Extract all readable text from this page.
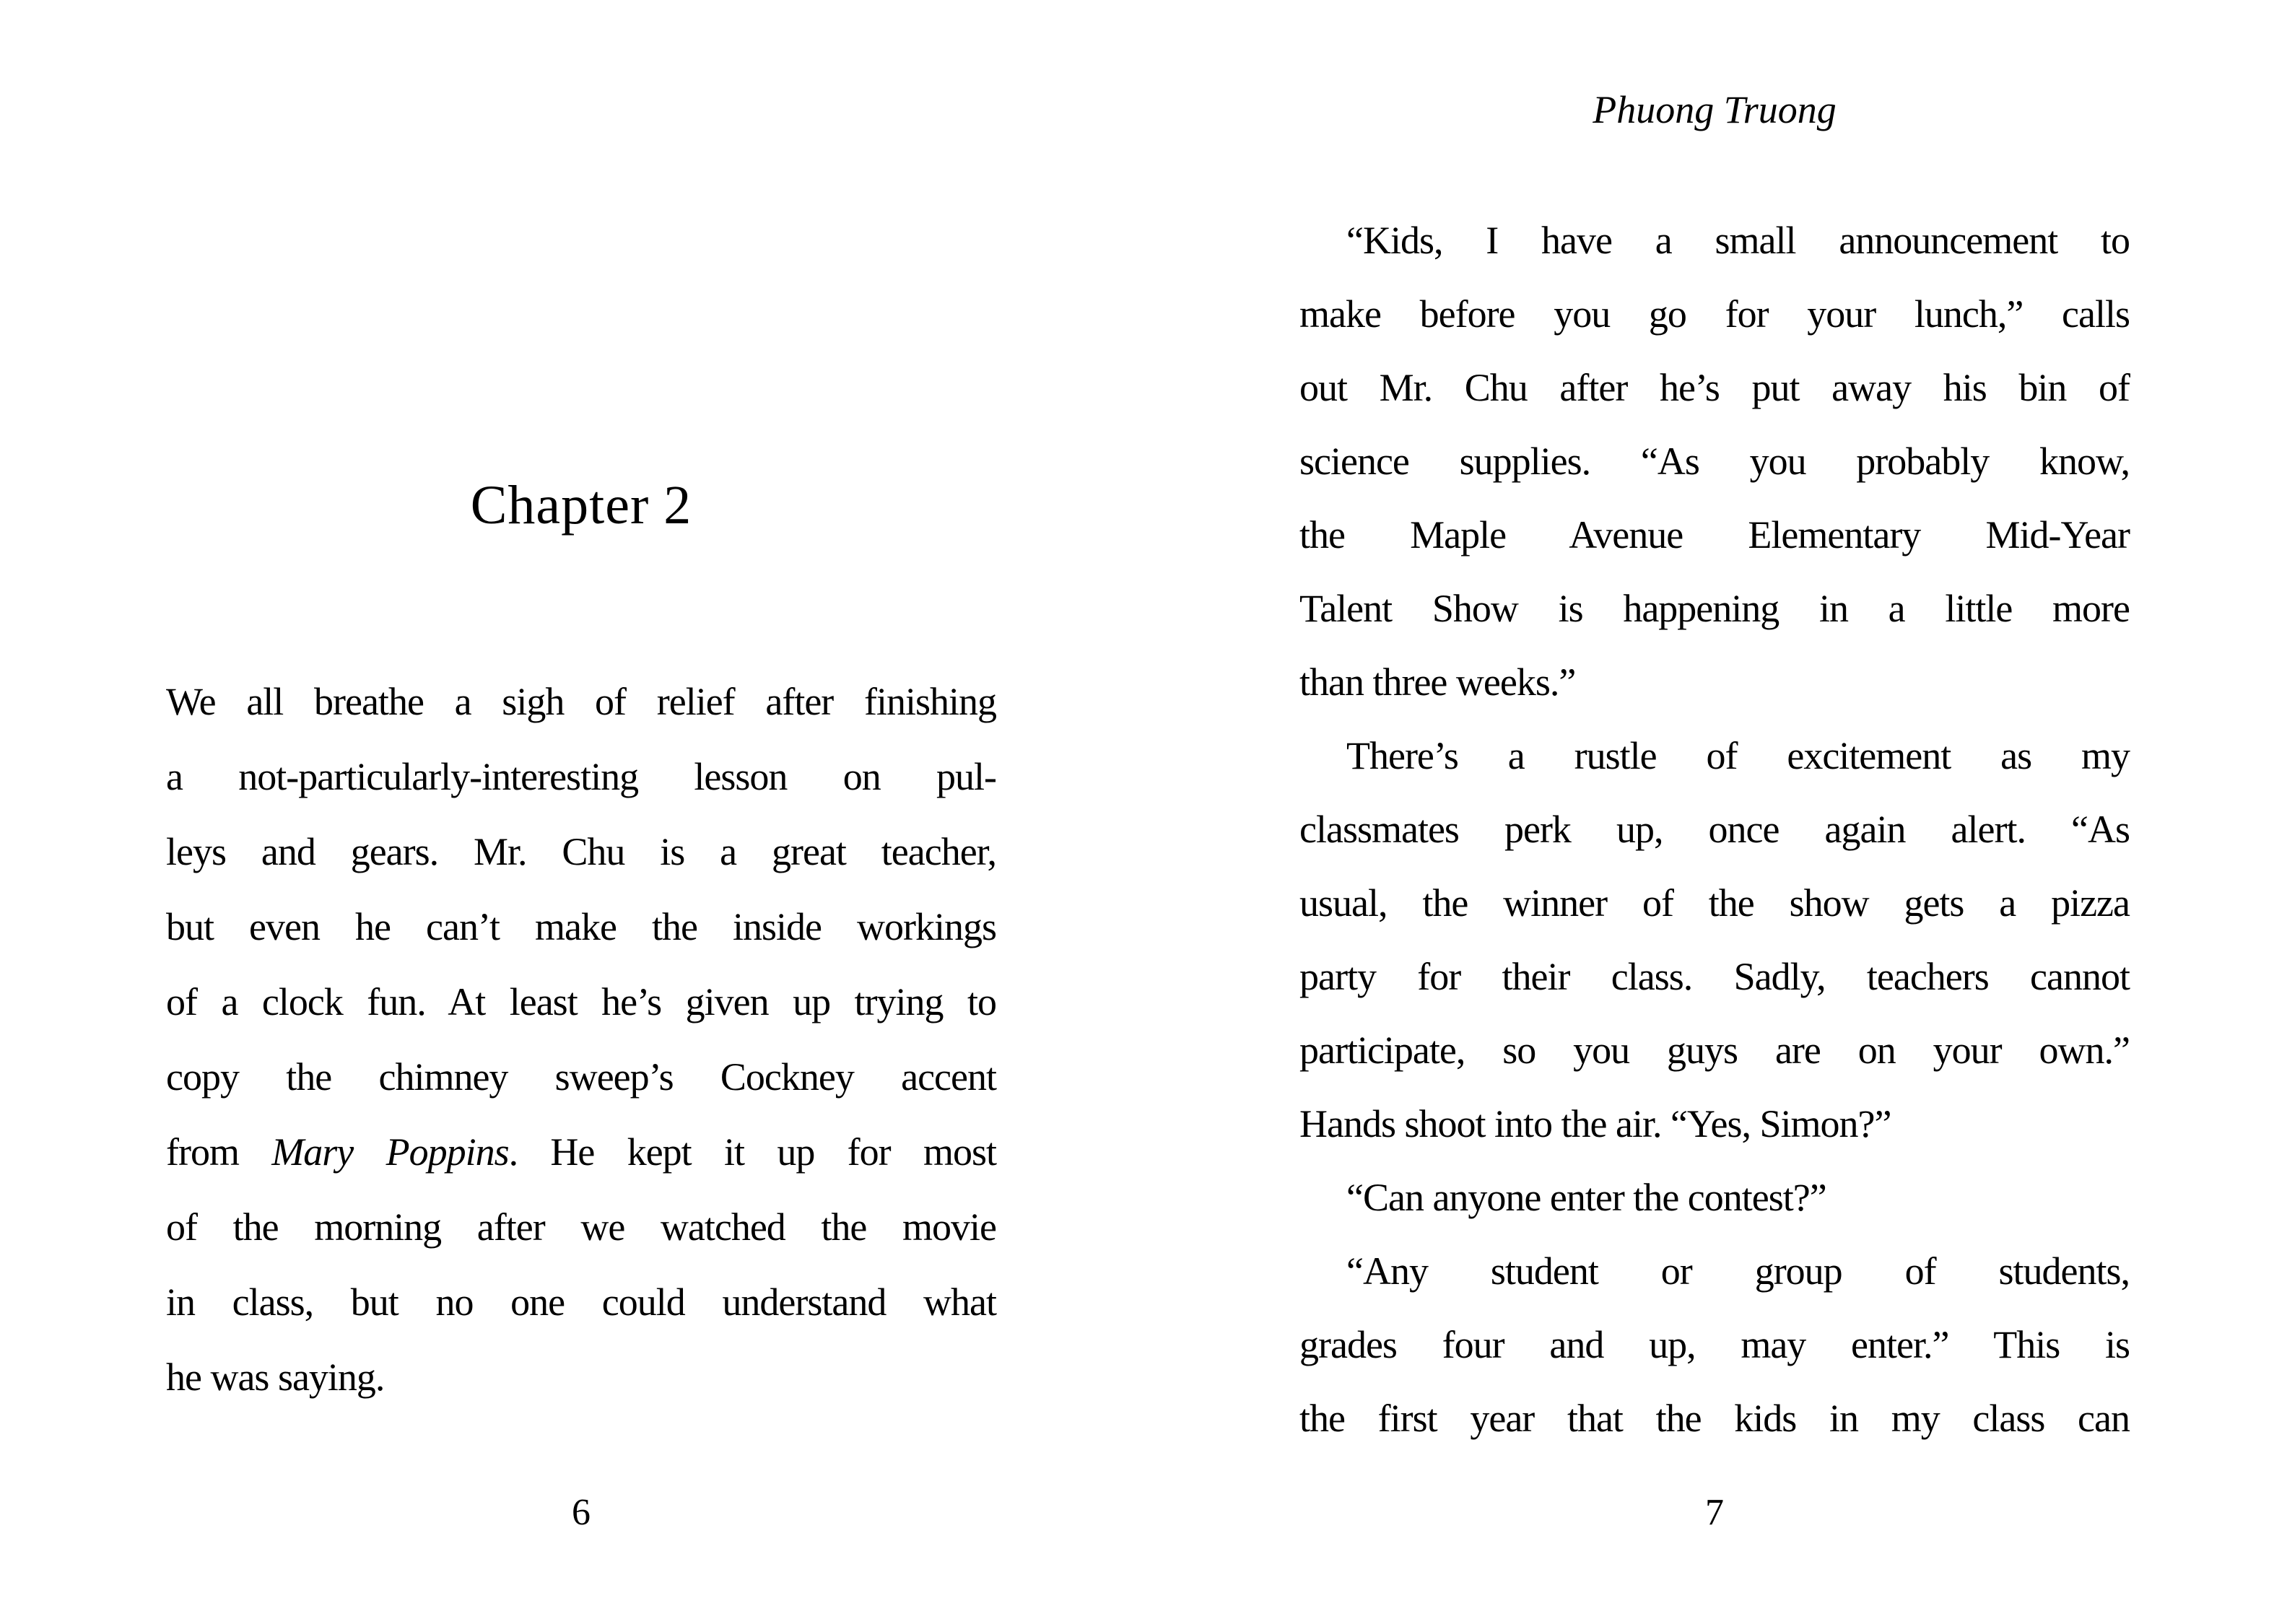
Chapter 2
We all breathe a sigh of relief after finishing
a not-particularly-interesting lesson on pul-
leys and gears. Mr. Chu is a great teacher,
but even he can’t make the inside workings
of a clock fun. At least he’s given up trying to
copy the chimney sweep’s Cockney accent
from Mary Poppins. He kept it up for most
of the morning after we watched the movie
in class, but no one could understand what
he was saying.
6
Phuong Truong
“Kids, I have a small announcement to
make before you go for your lunch,” calls
out Mr. Chu after he’s put away his bin of
science supplies. “As you probably know,
the Maple Avenue Elementary Mid-Year
Talent Show is happening in a little more
than three weeks.”
There’s a rustle of excitement as my
classmates perk up, once again alert. “As
usual, the winner of the show gets a pizza
party for their class. Sadly, teachers cannot
participate, so you guys are on your own.”
Hands shoot into the air. “Yes, Simon?”
“Can anyone enter the contest?”
“Any student or group of students,
grades four and up, may enter.” This is
the first year that the kids in my class can
7
